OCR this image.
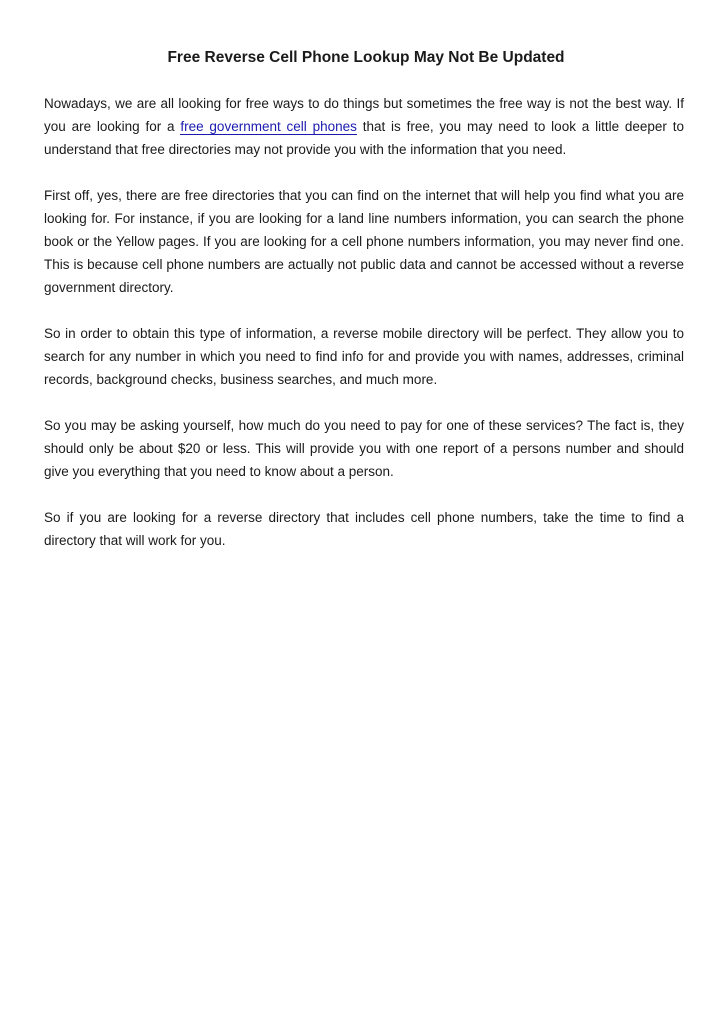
Free Reverse Cell Phone Lookup May Not Be Updated

Nowadays, we are all looking for free ways to do things but sometimes the free way is not the best way. If you are looking for a free government cell phones that is free, you may need to look a little deeper to understand that free directories may not provide you with the information that you need.

First off, yes, there are free directories that you can find on the internet that will help you find what you are looking for. For instance, if you are looking for a land line numbers information, you can search the phone book or the Yellow pages. If you are looking for a cell phone numbers information, you may never find one. This is because cell phone numbers are actually not public data and cannot be accessed without a reverse government directory.

So in order to obtain this type of information, a reverse mobile directory will be perfect. They allow you to search for any number in which you need to find info for and provide you with names, addresses, criminal records, background checks, business searches, and much more.

So you may be asking yourself, how much do you need to pay for one of these services? The fact is, they should only be about $20 or less. This will provide you with one report of a persons number and should give you everything that you need to know about a person.

So if you are looking for a reverse directory that includes cell phone numbers, take the time to find a directory that will work for you.
